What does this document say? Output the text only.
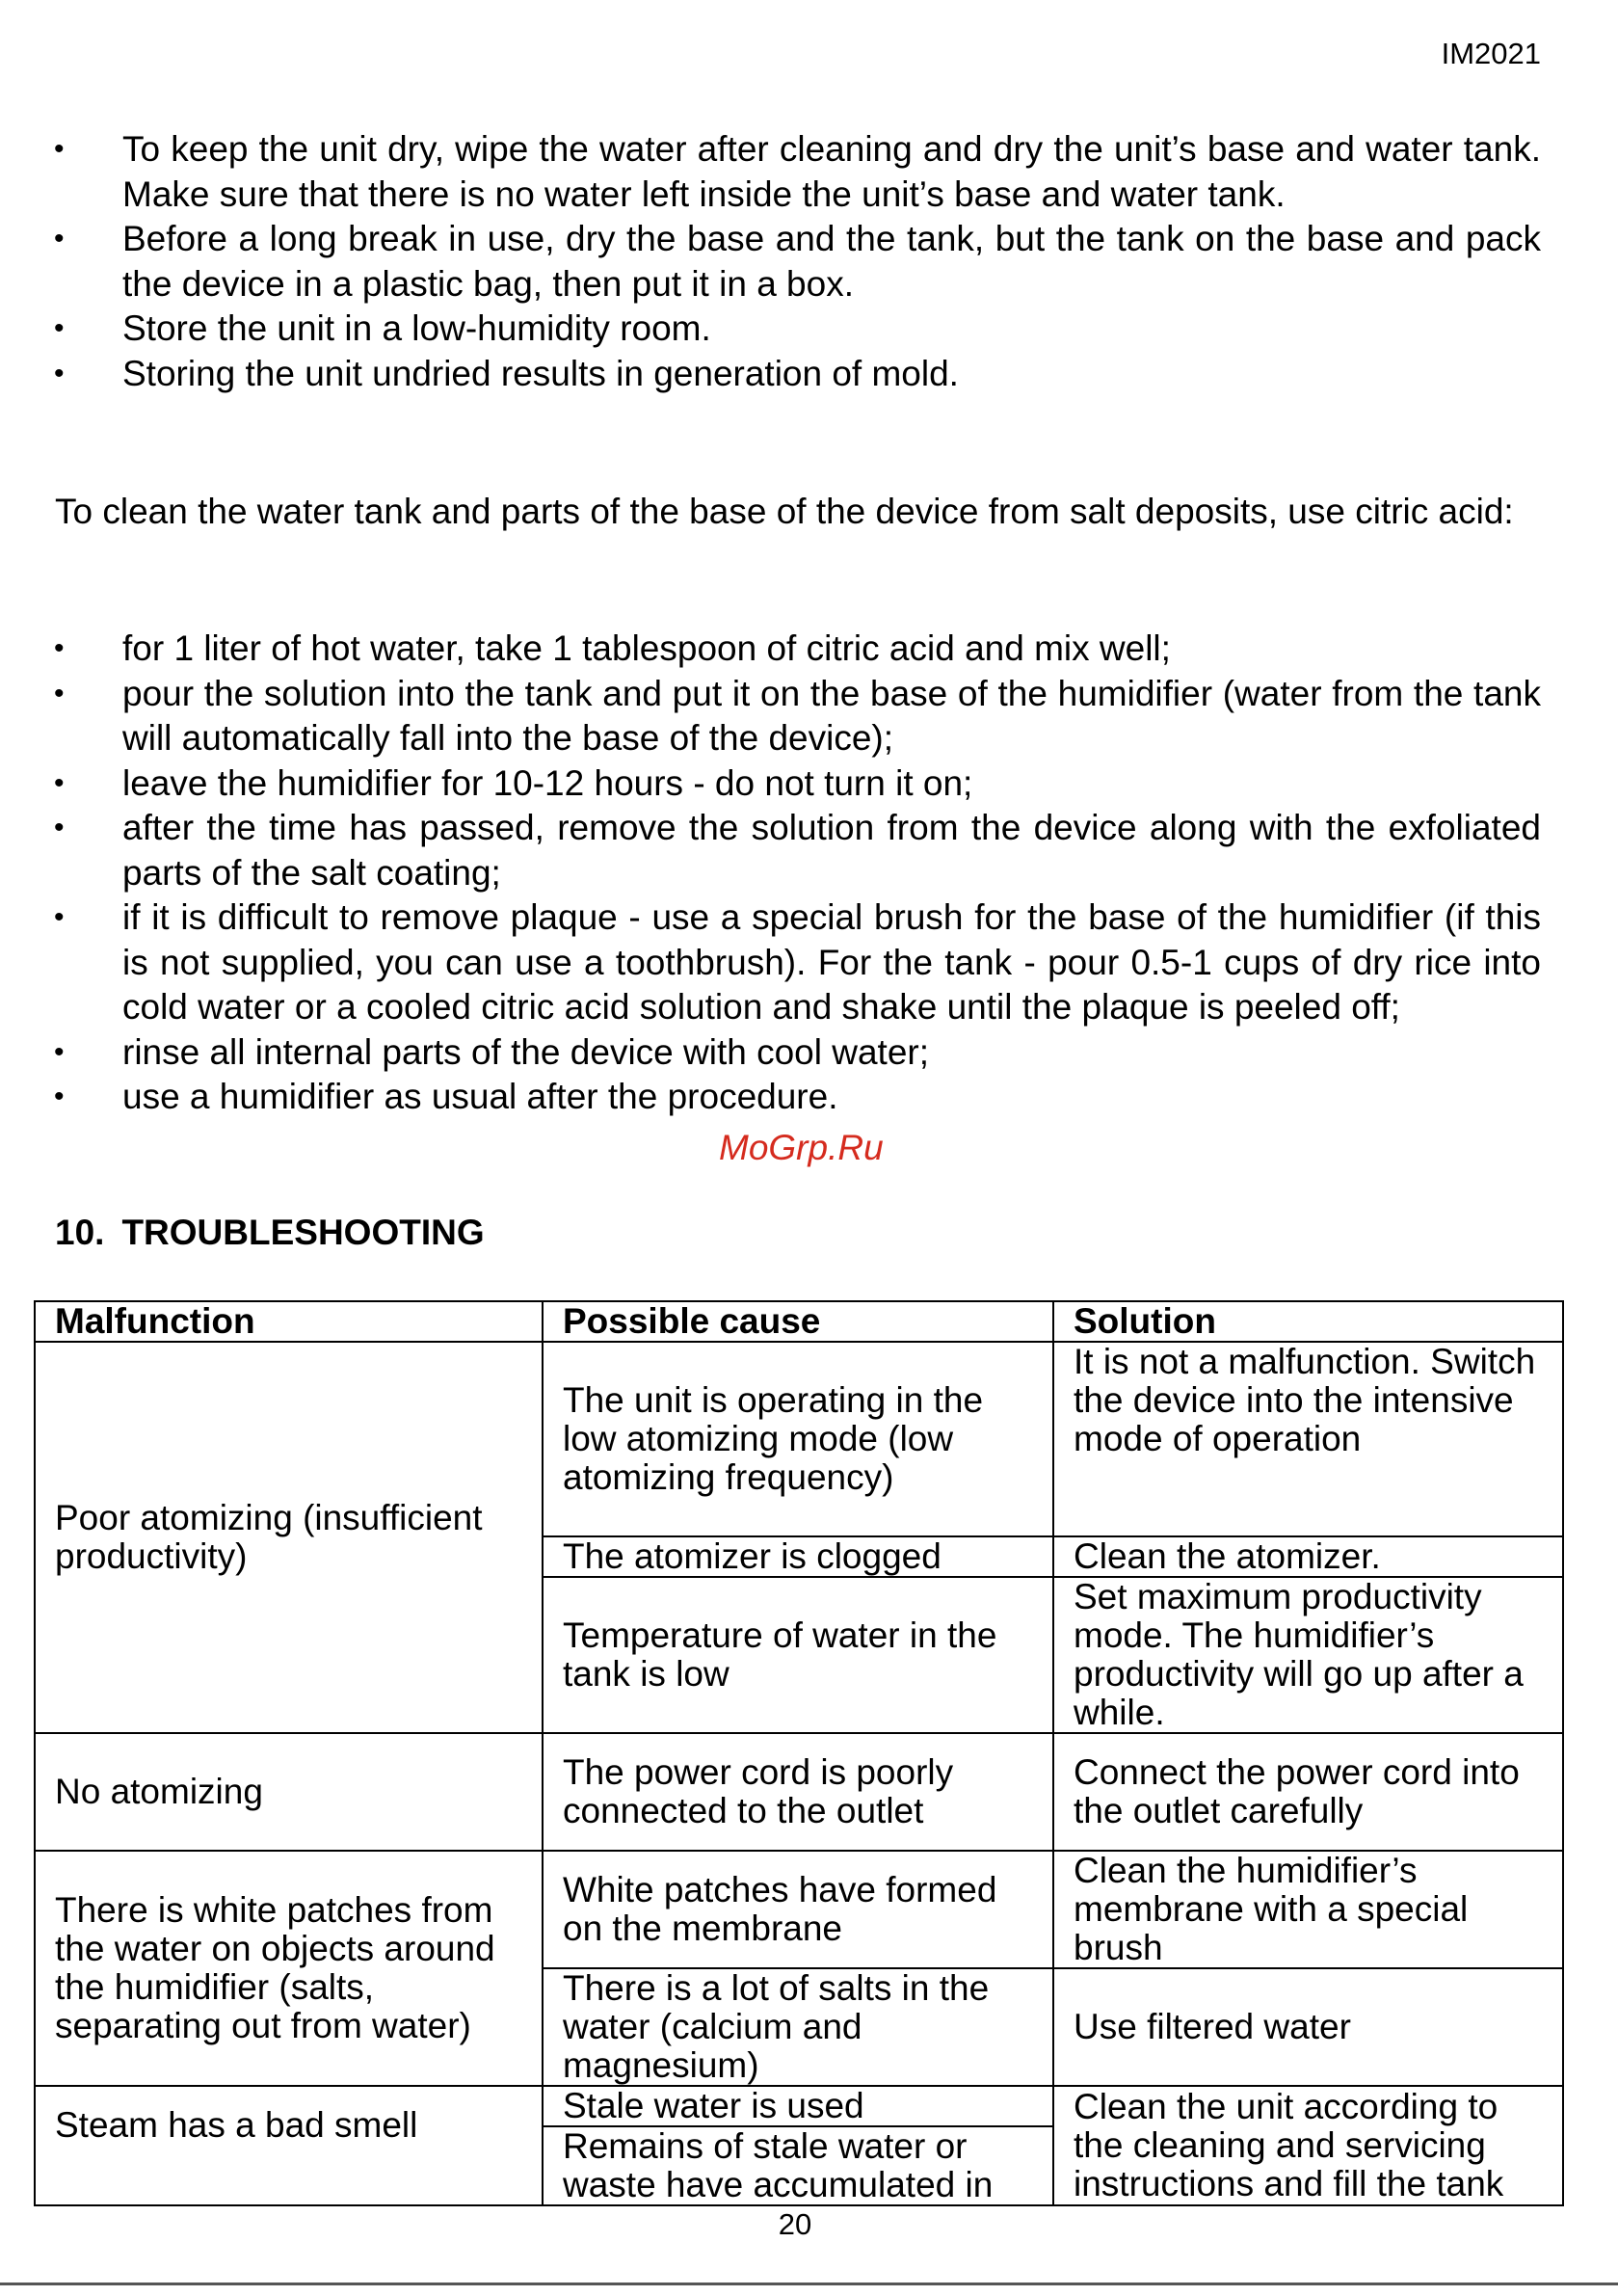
IM2021
• To keep the unit dry, wipe the water after cleaning and dry the unit’s base and water tank. Make sure that there is no water left inside the unit’s base and water tank.
• Before a long break in use, dry the base and the tank, but the tank on the base and pack the device in a plastic bag, then put it in a box.
• Store the unit in a low-humidity room.
• Storing the unit undried results in generation of mold.

To clean the water tank and parts of the base of the device from salt deposits, use citric acid:

• for 1 liter of hot water, take 1 tablespoon of citric acid and mix well;
• pour the solution into the tank and put it on the base of the humidifier (water from the tank will automatically fall into the base of the device);
• leave the humidifier for 10-12 hours - do not turn it on;
• after the time has passed, remove the solution from the device along with the exfoliated parts of the salt coating;
• if it is difficult to remove plaque - use a special brush for the base of the humidifier (if this is not supplied, you can use a toothbrush). For the tank - pour 0.5-1 cups of dry rice into cold water or a cooled citric acid solution and shake until the plaque is peeled off;
• rinse all internal parts of the device with cool water;
• use a humidifier as usual after the procedure.
MoGrp.Ru
10. TROUBLESHOOTING
Malfunction	Possible cause	Solution
Poor atomizing (insufficient productivity)	The unit is operating in the low atomizing mode (low atomizing frequency)	It is not a malfunction. Switch the device into the intensive mode of operation
	The atomizer is clogged	Clean the atomizer.
	Temperature of water in the tank is low	Set maximum productivity mode. The humidifier’s productivity will go up after a while.
No atomizing	The power cord is poorly connected to the outlet	Connect the power cord into the outlet carefully
There is white patches from the water on objects around the humidifier (salts, separating out from water)	White patches have formed on the membrane	Clean the humidifier’s membrane with a special brush
	There is a lot of salts in the water (calcium and magnesium)	Use filtered water
Steam has a bad smell	Stale water is used	Clean the unit according to the cleaning and servicing instructions and fill the tank
	Remains of stale water or waste have accumulated in	
20
